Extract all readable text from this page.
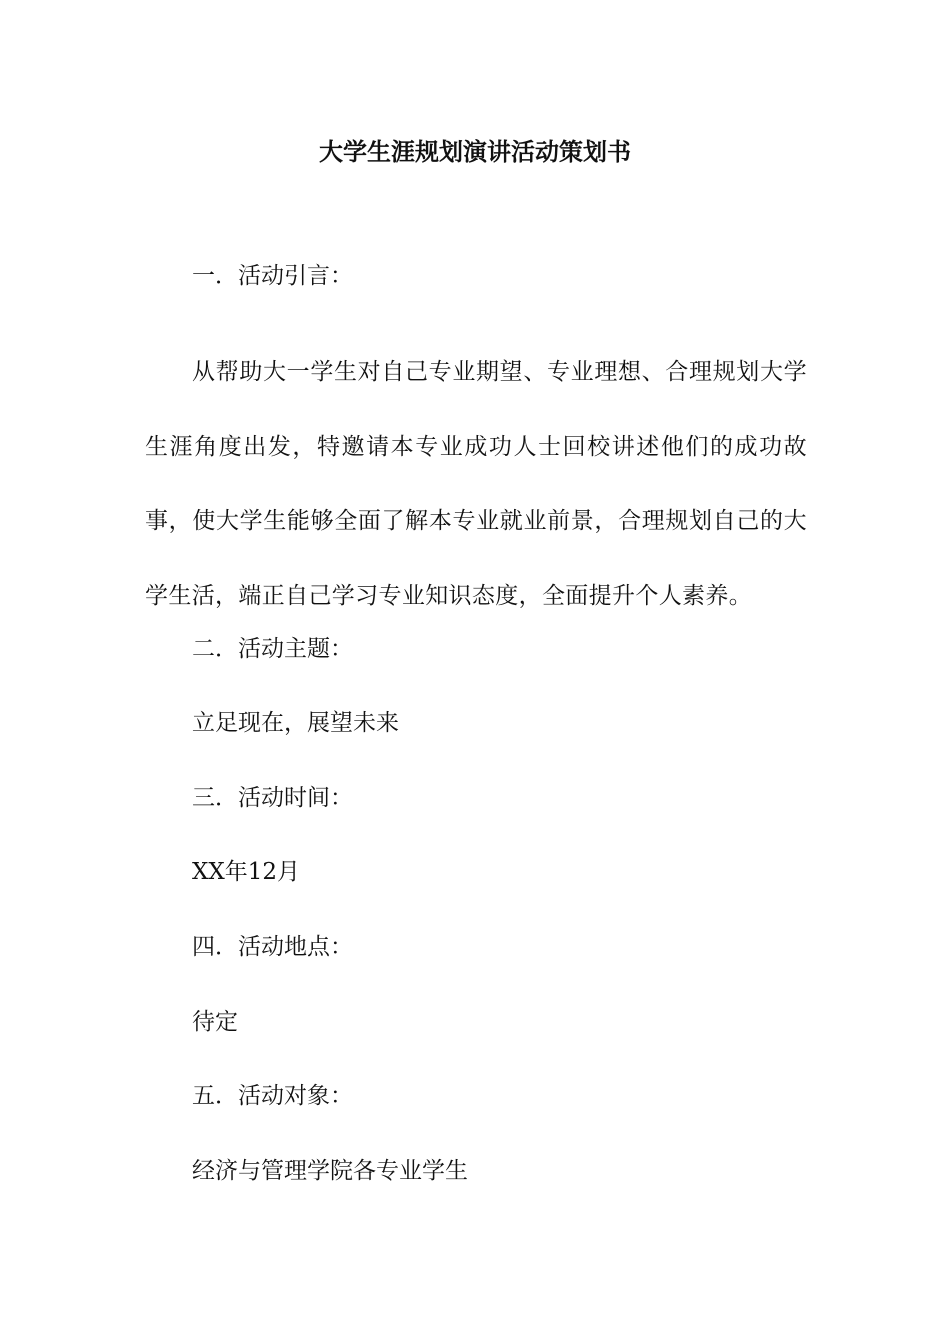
大学生涯规划演讲活动策划书

一．活动引言：

从帮助大一学生对自己专业期望、专业理想、合理规划大学生涯角度出发，特邀请本专业成功人士回校讲述他们的成功故事，使大学生能够全面了解本专业就业前景，合理规划自己的大学生活，端正自己学习专业知识态度，全面提升个人素养。

二．活动主题：

立足现在，展望未来

三．活动时间：

XX年12月

四．活动地点：

待定

五．活动对象：

经济与管理学院各专业学生
